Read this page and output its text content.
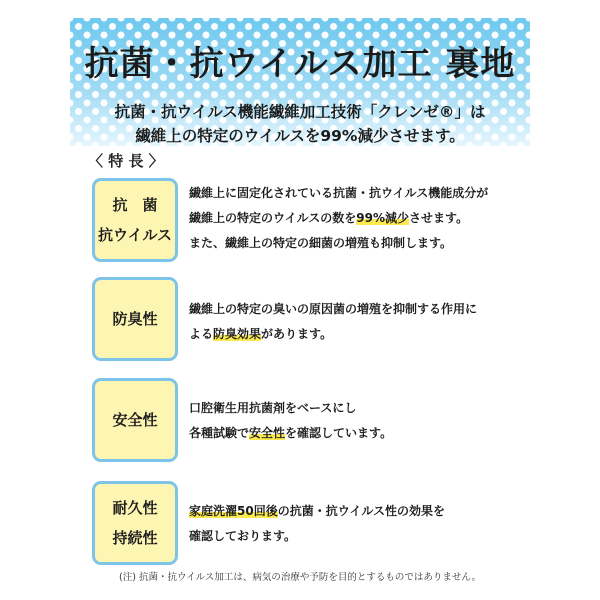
抗菌・抗ウイルス加工 裏地
抗菌・抗ウイルス機能繊維加工技術「クレンゼ®」は
繊維上の特定のウイルスを99%減少させます。
〈 特 長 〉
抗　菌
抗ウイルス
繊維上に固定化されている抗菌・抗ウイルス機能成分が
繊維上の特定のウイルスの数を99%減少させます。
また、繊維上の特定の細菌の増殖も抑制します。
防臭性
繊維上の特定の臭いの原因菌の増殖を抑制する作用に
よる防臭効果があります。
安全性
口腔衛生用抗菌剤をベースにし
各種試験で安全性を確認しています。
耐久性
持続性
家庭洗濯50回後の抗菌・抗ウイルス性の効果を
確認しております。
(注) 抗菌・抗ウイルス加工は、病気の治療や予防を目的とするものではありません。
